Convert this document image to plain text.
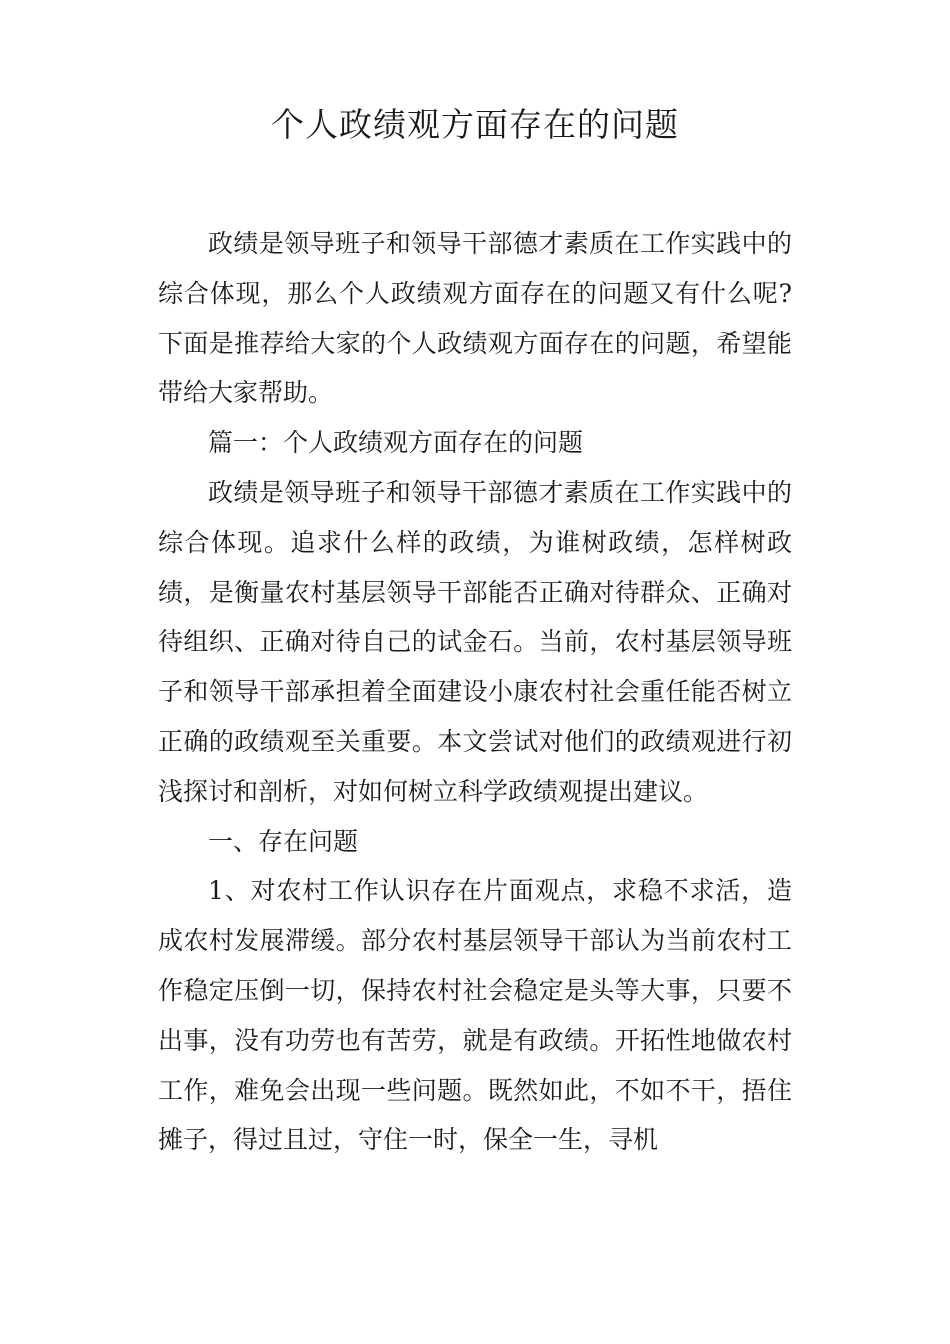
个人政绩观方面存在的问题

政绩是领导班子和领导干部德才素质在工作实践中的综合体现，那么个人政绩观方面存在的问题又有什么呢?下面是推荐给大家的个人政绩观方面存在的问题，希望能带给大家帮助。

篇一：个人政绩观方面存在的问题

政绩是领导班子和领导干部德才素质在工作实践中的综合体现。追求什么样的政绩，为谁树政绩，怎样树政绩，是衡量农村基层领导干部能否正确对待群众、正确对待组织、正确对待自己的试金石。当前，农村基层领导班子和领导干部承担着全面建设小康农村社会重任能否树立正确的政绩观至关重要。本文尝试对他们的政绩观进行初浅探讨和剖析，对如何树立科学政绩观提出建议。

一、存在问题

1、对农村工作认识存在片面观点，求稳不求活，造成农村发展滞缓。部分农村基层领导干部认为当前农村工作稳定压倒一切，保持农村社会稳定是头等大事，只要不出事，没有功劳也有苦劳，就是有政绩。开拓性地做农村工作，难免会出现一些问题。既然如此，不如不干，捂住摊子，得过且过，守住一时，保全一生，寻机
